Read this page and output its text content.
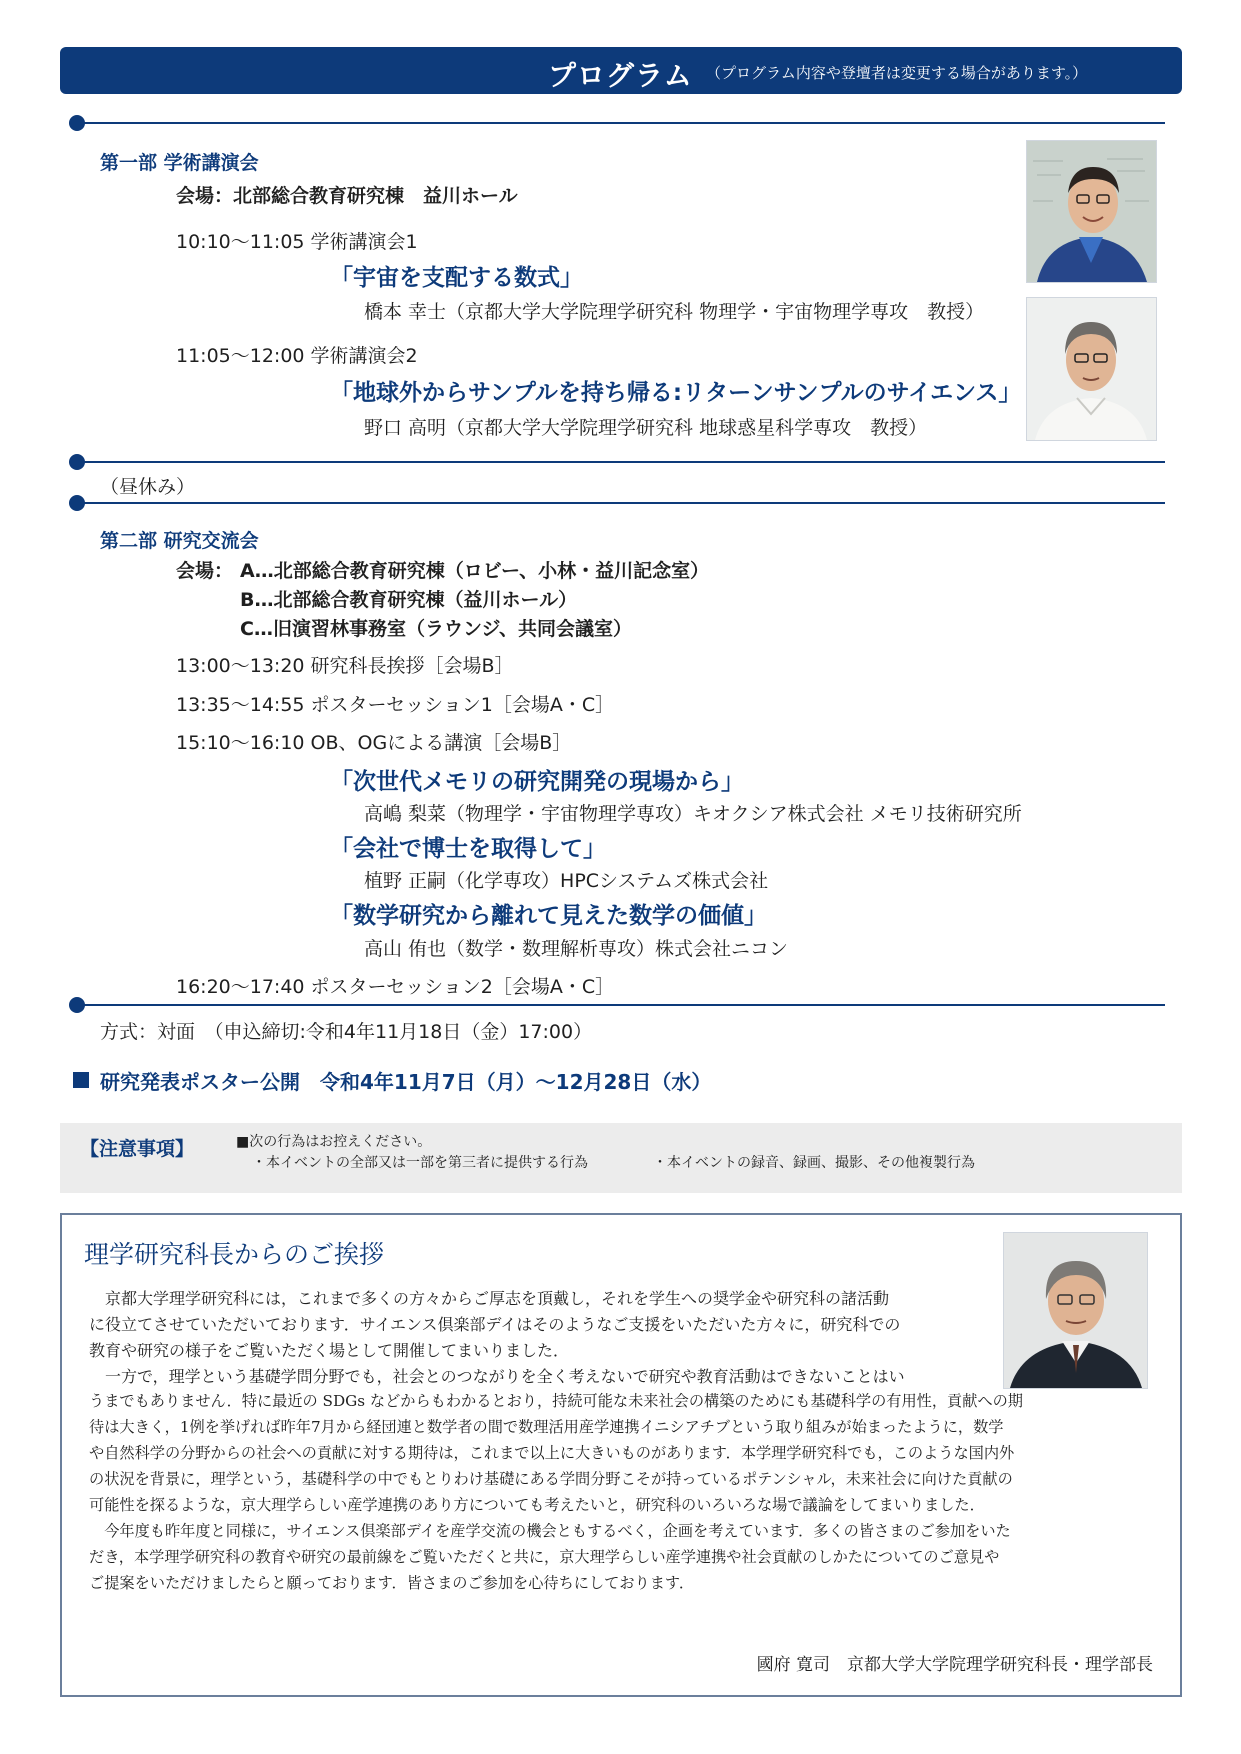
プログラム （プログラム内容や登壇者は変更する場合があります。）
第一部 学術講演会
会場：北部総合教育研究棟　益川ホール
10:10〜11:05 学術講演会1
「宇宙を支配する数式」
橋本 幸士（京都大学大学院理学研究科 物理学・宇宙物理学専攻　教授）
11:05〜12:00 学術講演会2
「地球外からサンプルを持ち帰る:リターンサンプルのサイエンス」
野口 高明（京都大学大学院理学研究科 地球惑星科学専攻　教授）
（昼休み）
第二部 研究交流会
会場： A…北部総合教育研究棟（ロビー、小林・益川記念室）
B…北部総合教育研究棟（益川ホール）
C…旧演習林事務室（ラウンジ、共同会議室）
13:00〜13:20 研究科長挨拶［会場B］
13:35〜14:55 ポスターセッション1［会場A・C］
15:10〜16:10 OB、OGによる講演［会場B］
「次世代メモリの研究開発の現場から」
高嶋 梨菜（物理学・宇宙物理学専攻）キオクシア株式会社 メモリ技術研究所
「会社で博士を取得して」
植野 正嗣（化学専攻）HPCシステムズ株式会社
「数学研究から離れて見えた数学の価値」
高山 侑也（数学・数理解析専攻）株式会社ニコン
16:20〜17:40 ポスターセッション2［会場A・C］
方式：対面　（申込締切:令和4年11月18日（金）17:00）
研究発表ポスター公開　令和4年11月7日（月）〜12月28日（水）
【注意事項】	■次の行為はお控えください。
・本イベントの全部又は一部を第三者に提供する行為	・本イベントの録音、録画、撮影、その他複製行為
理学研究科長からのご挨拶
　京都大学理学研究科には，これまで多くの方々からご厚志を頂戴し，それを学生への奨学金や研究科の諸活動
に役立てさせていただいております．サイエンス倶楽部デイはそのようなご支援をいただいた方々に，研究科での
教育や研究の様子をご覧いただく場として開催してまいりました．
　一方で，理学という基礎学問分野でも，社会とのつながりを全く考えないで研究や教育活動はできないことはい
うまでもありません．特に最近の SDGs などからもわかるとおり，持続可能な未来社会の構築のためにも基礎科学の有用性，貢献への期
待は大きく，1例を挙げれば昨年7月から経団連と数学者の間で数理活用産学連携イニシアチブという取り組みが始まったように，数学
や自然科学の分野からの社会への貢献に対する期待は，これまで以上に大きいものがあります．本学理学研究科でも，このような国内外
の状況を背景に，理学という，基礎科学の中でもとりわけ基礎にある学問分野こそが持っているポテンシャル，未来社会に向けた貢献の
可能性を探るような，京大理学らしい産学連携のあり方についても考えたいと，研究科のいろいろな場で議論をしてまいりました．
　今年度も昨年度と同様に，サイエンス倶楽部デイを産学交流の機会ともするべく，企画を考えています．多くの皆さまのご参加をいた
だき，本学理学研究科の教育や研究の最前線をご覧いただくと共に，京大理学らしい産学連携や社会貢献のしかたについてのご意見や
ご提案をいただけましたらと願っております．皆さまのご参加を心待ちにしております．
國府 寛司　京都大学大学院理学研究科長・理学部長
